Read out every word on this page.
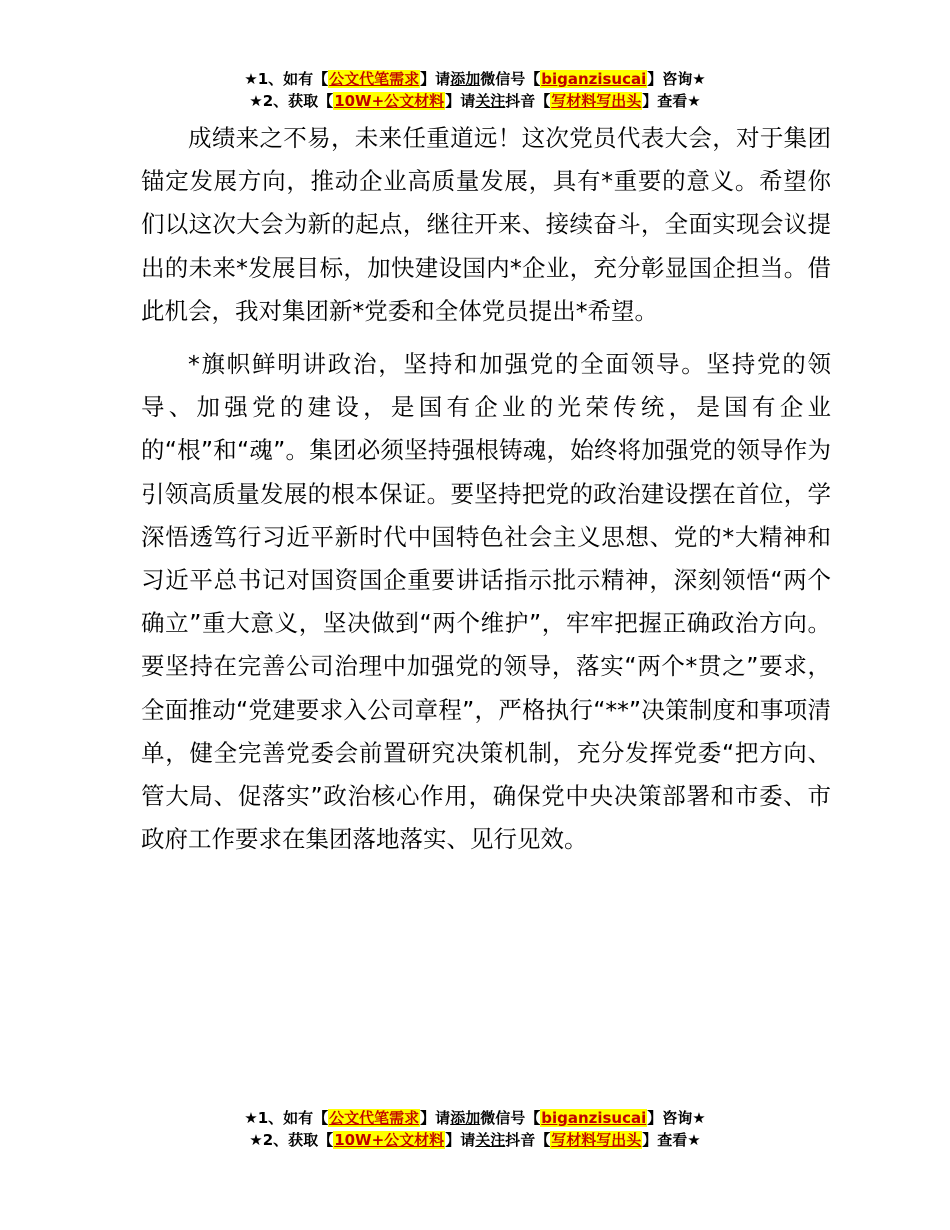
★1、如有【公文代笔需求】请添加微信号【biganzisucai】咨询★
★2、获取【10W+公文材料】请关注抖音【写材料写出头】查看★

成绩来之不易，未来任重道远！这次党员代表大会，对于集团锚定发展方向，推动企业高质量发展，具有*重要的意义。希望你们以这次大会为新的起点，继往开来、接续奋斗，全面实现会议提出的未来*发展目标，加快建设国内*企业，充分彰显国企担当。借此机会，我对集团新*党委和全体党员提出*希望。

*旗帜鲜明讲政治，坚持和加强党的全面领导。坚持党的领导、加强党的建设，是国有企业的光荣传统，是国有企业的“根”和“魂”。集团必须坚持强根铸魂，始终将加强党的领导作为引领高质量发展的根本保证。要坚持把党的政治建设摆在首位，学深悟透笃行习近平新时代中国特色社会主义思想、党的*大精神和习近平总书记对国资国企重要讲话指示批示精神，深刻领悟“两个确立”重大意义，坚决做到“两个维护”，牢牢把握正确政治方向。要坚持在完善公司治理中加强党的领导，落实“两个*贯之”要求，全面推动“党建要求入公司章程”，严格执行“**”决策制度和事项清单，健全完善党委会前置研究决策机制，充分发挥党委“把方向、管大局、促落实”政治核心作用，确保党中央决策部署和市委、市政府工作要求在集团落地落实、见行见效。

★1、如有【公文代笔需求】请添加微信号【biganzisucai】咨询★
★2、获取【10W+公文材料】请关注抖音【写材料写出头】查看★
